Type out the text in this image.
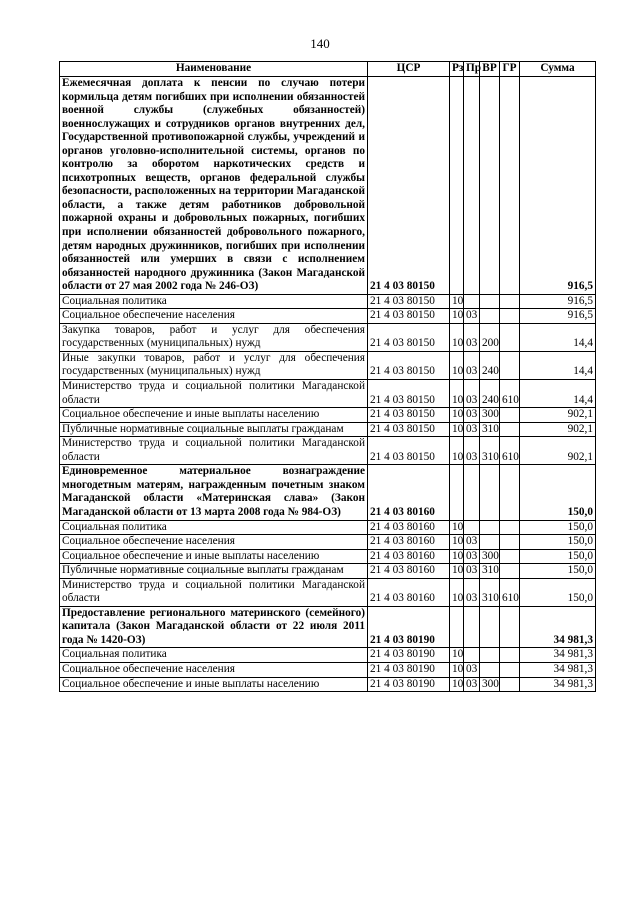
140
Наименование	ЦСР	Рз	Пр	ВР	ГР	Сумма
Ежемесячная доплата к пенсии по случаю потери кормильца детям погибших при исполнении обязанностей военной службы (служебных обязанностей) военнослужащих и сотрудников органов внутренних дел, Государственной противопожарной службы, учреждений и органов уголовно-исполнительной системы, органов по контролю за оборотом наркотических средств и психотропных веществ, органов федеральной службы безопасности, расположенных на территории Магаданской области, а также детям работников добровольной пожарной охраны и добровольных пожарных, погибших при исполнении обязанностей добровольного пожарного, детям народных дружинников, погибших при исполнении обязанностей или умерших в связи с исполнением обязанностей народного дружинника (Закон Магаданской области от 27 мая 2002 года № 246-ОЗ)	21 4 03 80150					916,5
Социальная политика	21 4 03 80150	10				916,5
Социальное обеспечение населения	21 4 03 80150	10	03			916,5
Закупка товаров, работ и услуг для обеспечения государственных (муниципальных) нужд	21 4 03 80150	10	03	200		14,4
Иные закупки товаров, работ и услуг для обеспечения государственных (муниципальных) нужд	21 4 03 80150	10	03	240		14,4
Министерство труда и социальной политики Магаданской области	21 4 03 80150	10	03	240	610	14,4
Социальное обеспечение и иные выплаты населению	21 4 03 80150	10	03	300		902,1
Публичные нормативные социальные выплаты гражданам	21 4 03 80150	10	03	310		902,1
Министерство труда и социальной политики Магаданской области	21 4 03 80150	10	03	310	610	902,1
Единовременное материальное вознаграждение многодетным матерям, награжденным почетным знаком Магаданской области «Материнская слава» (Закон Магаданской области от 13 марта 2008 года № 984-ОЗ)	21 4 03 80160					150,0
Социальная политика	21 4 03 80160	10				150,0
Социальное обеспечение населения	21 4 03 80160	10	03			150,0
Социальное обеспечение и иные выплаты населению	21 4 03 80160	10	03	300		150,0
Публичные нормативные социальные выплаты гражданам	21 4 03 80160	10	03	310		150,0
Министерство труда и социальной политики Магаданской области	21 4 03 80160	10	03	310	610	150,0
Предоставление регионального материнского (семейного) капитала (Закон Магаданской области от 22 июля 2011 года № 1420-ОЗ)	21 4 03 80190					34 981,3
Социальная политика	21 4 03 80190	10				34 981,3
Социальное обеспечение населения	21 4 03 80190	10	03			34 981,3
Социальное обеспечение и иные выплаты населению	21 4 03 80190	10	03	300		34 981,3
